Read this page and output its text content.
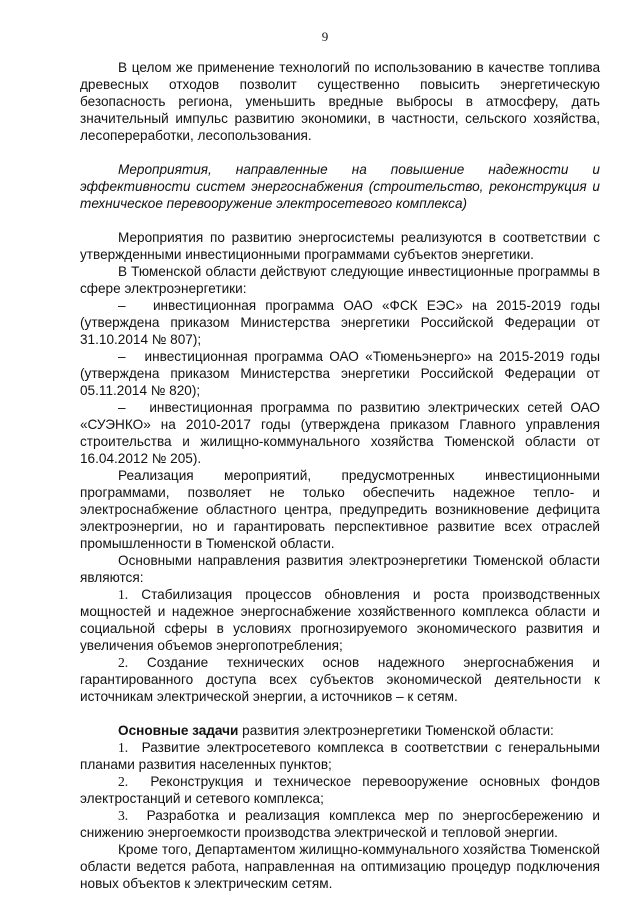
9

В целом же применение технологий по использованию в качестве топлива древесных отходов позволит существенно повысить энергетическую безопасность региона, уменьшить вредные выбросы в атмосферу, дать значительный импульс развитию экономики, в частности, сельского хозяйства, лесопереработки, лесопользования.

Мероприятия, направленные на повышение надежности и эффективности систем энергоснабжения (строительство, реконструкция и техническое перевооружение электросетевого комплекса)

Мероприятия по развитию энергосистемы реализуются в соответствии с утвержденными инвестиционными программами субъектов энергетики.

В Тюменской области действуют следующие инвестиционные программы в сфере электроэнергетики:

– инвестиционная программа ОАО «ФСК ЕЭС» на 2015-2019 годы (утверждена приказом Министерства энергетики Российской Федерации от 31.10.2014 № 807);

– инвестиционная программа ОАО «Тюменьэнерго» на 2015-2019 годы (утверждена приказом Министерства энергетики Российской Федерации от 05.11.2014 № 820);

– инвестиционная программа по развитию электрических сетей ОАО «СУЭНКО» на 2010-2017 годы (утверждена приказом Главного управления строительства и жилищно-коммунального хозяйства Тюменской области от 16.04.2012 № 205).

Реализация мероприятий, предусмотренных инвестиционными программами, позволяет не только обеспечить надежное тепло- и электроснабжение областного центра, предупредить возникновение дефицита электроэнергии, но и гарантировать перспективное развитие всех отраслей промышленности в Тюменской области.

Основными направления развития электроэнергетики Тюменской области являются:

1. Стабилизация процессов обновления и роста производственных мощностей и надежное энергоснабжение хозяйственного комплекса области и социальной сферы в условиях прогнозируемого экономического развития и увеличения объемов энергопотребления;

2. Создание технических основ надежного энергоснабжения и гарантированного доступа всех субъектов экономической деятельности к источникам электрической энергии, а источников – к сетям.

Основные задачи развития электроэнергетики Тюменской области:

1. Развитие электросетевого комплекса в соответствии с генеральными планами развития населенных пунктов;

2. Реконструкция и техническое перевооружение основных фондов электростанций и сетевого комплекса;

3. Разработка и реализация комплекса мер по энергосбережению и снижению энергоемкости производства электрической и тепловой энергии.

Кроме того, Департаментом жилищно-коммунального хозяйства Тюменской области ведется работа, направленная на оптимизацию процедур подключения новых объектов к электрическим сетям.
